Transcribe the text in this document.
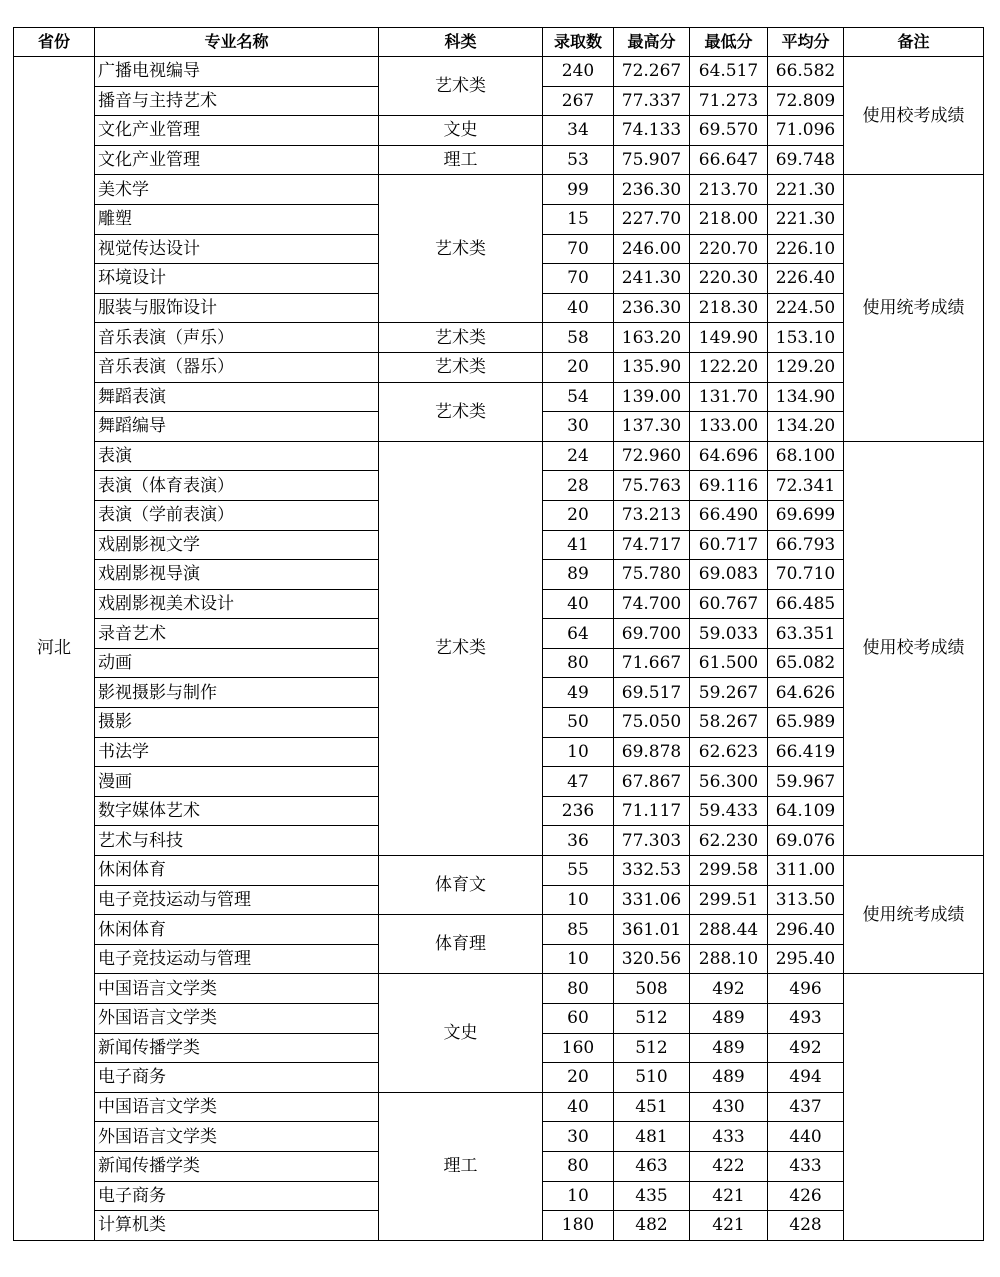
省份	专业名称	科类	录取数	最高分	最低分	平均分	备注
河北	广播电视编导	艺术类	240	72.267	64.517	66.582	使用校考成绩
	播音与主持艺术		267	77.337	71.273	72.809	
	文化产业管理	文史	34	74.133	69.570	71.096	
	文化产业管理	理工	53	75.907	66.647	69.748	
	美术学	艺术类	99	236.30	213.70	221.30	使用统考成绩
	雕塑		15	227.70	218.00	221.30	
	视觉传达设计		70	246.00	220.70	226.10	
	环境设计		70	241.30	220.30	226.40	
	服装与服饰设计		40	236.30	218.30	224.50	
	音乐表演（声乐）	艺术类	58	163.20	149.90	153.10	
	音乐表演（器乐）	艺术类	20	135.90	122.20	129.20	
	舞蹈表演	艺术类	54	139.00	131.70	134.90	
	舞蹈编导		30	137.30	133.00	134.20	
	表演	艺术类	24	72.960	64.696	68.100	使用校考成绩
	表演（体育表演）		28	75.763	69.116	72.341	
	表演（学前表演）		20	73.213	66.490	69.699	
	戏剧影视文学		41	74.717	60.717	66.793	
	戏剧影视导演		89	75.780	69.083	70.710	
	戏剧影视美术设计		40	74.700	60.767	66.485	
	录音艺术		64	69.700	59.033	63.351	
	动画		80	71.667	61.500	65.082	
	影视摄影与制作		49	69.517	59.267	64.626	
	摄影		50	75.050	58.267	65.989	
	书法学		10	69.878	62.623	66.419	
	漫画		47	67.867	56.300	59.967	
	数字媒体艺术		236	71.117	59.433	64.109	
	艺术与科技		36	77.303	62.230	69.076	
	休闲体育	体育文	55	332.53	299.58	311.00	使用统考成绩
	电子竞技运动与管理		10	331.06	299.51	313.50	
	休闲体育	体育理	85	361.01	288.44	296.40	
	电子竞技运动与管理		10	320.56	288.10	295.40	
	中国语言文学类	文史	80	508	492	496	
	外国语言文学类		60	512	489	493	
	新闻传播学类		160	512	489	492	
	电子商务		20	510	489	494	
	中国语言文学类	理工	40	451	430	437	
	外国语言文学类		30	481	433	440	
	新闻传播学类		80	463	422	433	
	电子商务		10	435	421	426	
	计算机类		180	482	421	428	
